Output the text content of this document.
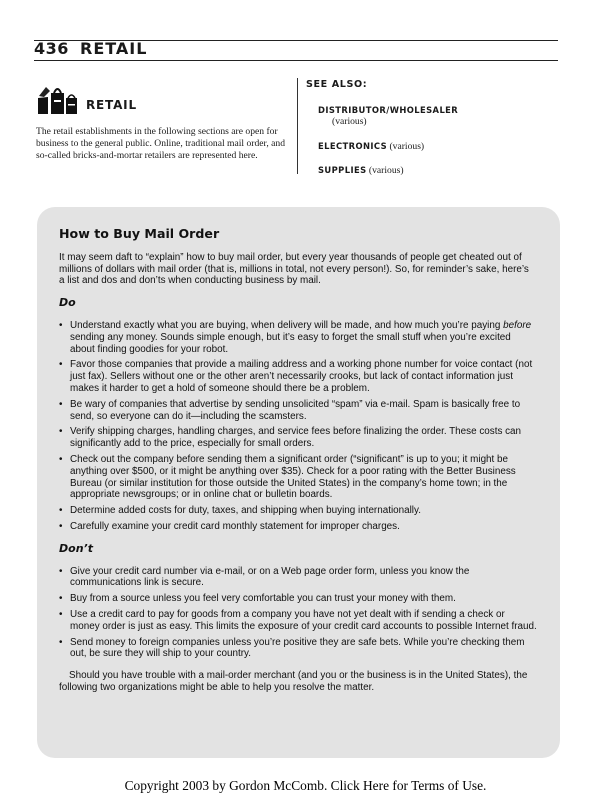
436 RETAIL
RETAIL
The retail establishments in the following sections are open for business to the general public. Online, traditional mail order, and so-called bricks-and-mortar retailers are represented here.
SEE ALSO:
DISTRIBUTOR/WHOLESALER
(various)
ELECTRONICS (various)
SUPPLIES (various)
How to Buy Mail Order

It may seem daft to “explain” how to buy mail order, but every year thousands of people get cheated out of millions of dollars with mail order (that is, millions in total, not every person!). So, for reminder’s sake, here’s a list and dos and don’ts when conducting business by mail.

Do
• Understand exactly what you are buying, when delivery will be made, and how much you’re paying before sending any money. Sounds simple enough, but it’s easy to forget the small stuff when you’re excited about finding goodies for your robot.
• Favor those companies that provide a mailing address and a working phone number for voice contact (not just fax). Sellers without one or the other aren’t necessarily crooks, but lack of contact information just makes it harder to get a hold of someone should there be a problem.
• Be wary of companies that advertise by sending unsolicited “spam” via e-mail. Spam is basically free to send, so everyone can do it—including the scamsters.
• Verify shipping charges, handling charges, and service fees before finalizing the order. These costs can significantly add to the price, especially for small orders.
• Check out the company before sending them a significant order (“significant” is up to you; it might be anything over $500, or it might be anything over $35). Check for a poor rating with the Better Business Bureau (or similar institution for those outside the United States) in the company’s home town; in the appropriate newsgroups; or in online chat or bulletin boards.
• Determine added costs for duty, taxes, and shipping when buying internationally.
• Carefully examine your credit card monthly statement for improper charges.
Don’t
• Give your credit card number via e-mail, or on a Web page order form, unless you know the communications link is secure.
• Buy from a source unless you feel very comfortable you can trust your money with them.
• Use a credit card to pay for goods from a company you have not yet dealt with if sending a check or money order is just as easy. This limits the exposure of your credit card accounts to possible Internet fraud.
• Send money to foreign companies unless you’re positive they are safe bets. While you’re checking them out, be sure they will ship to your country.

Should you have trouble with a mail-order merchant (and you or the business is in the United States), the following two organizations might be able to help you resolve the matter.

Copyright 2003 by Gordon McComb. Click Here for Terms of Use.
